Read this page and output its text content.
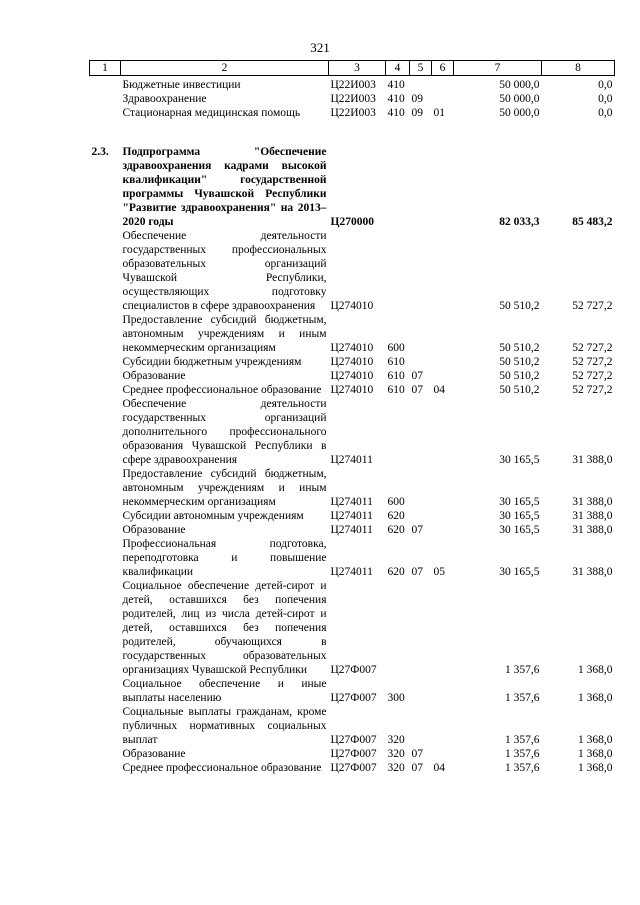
321
1	2	3	4	5	6	7	8
	Бюджетные инвестиции	Ц22И003	410			50 000,0	0,0
	Здравоохранение	Ц22И003	410	09		50 000,0	0,0
	Стационарная медицинская помощь	Ц22И003	410	09	01	50 000,0	0,0
2.3.	Подпрограмма "Обеспечение здравоохранения кадрами высокой квалификации" государственной программы Чувашской Республики "Развитие здравоохранения" на 2013–2020 годы	Ц270000				82 033,3	85 483,2
	Обеспечение деятельности государственных профессиональных образовательных организаций Чувашской Республики, осуществляющих подготовку специалистов в сфере здравоохранения	Ц274010				50 510,2	52 727,2
	Предоставление субсидий бюджетным, автономным учреждениям и иным некоммерческим организациям	Ц274010	600			50 510,2	52 727,2
	Субсидии бюджетным учреждениям	Ц274010	610			50 510,2	52 727,2
	Образование	Ц274010	610	07		50 510,2	52 727,2
	Среднее профессиональное образование	Ц274010	610	07	04	50 510,2	52 727,2
	Обеспечение деятельности государственных организаций дополнительного профессионального образования Чувашской Республики в сфере здравоохранения	Ц274011				30 165,5	31 388,0
	Предоставление субсидий бюджетным, автономным учреждениям и иным некоммерческим организациям	Ц274011	600			30 165,5	31 388,0
	Субсидии автономным учреждениям	Ц274011	620			30 165,5	31 388,0
	Образование	Ц274011	620	07		30 165,5	31 388,0
	Профессиональная подготовка, переподготовка и повышение квалификации	Ц274011	620	07	05	30 165,5	31 388,0
	Социальное обеспечение детей-сирот и детей, оставшихся без попечения родителей, лиц из числа детей-сирот и детей, оставшихся без попечения родителей, обучающихся в государственных образовательных организациях Чувашской Республики	Ц27Ф007				1 357,6	1 368,0
	Социальное обеспечение и иные выплаты населению	Ц27Ф007	300			1 357,6	1 368,0
	Социальные выплаты гражданам, кроме публичных нормативных социальных выплат	Ц27Ф007	320			1 357,6	1 368,0
	Образование	Ц27Ф007	320	07		1 357,6	1 368,0
	Среднее профессиональное образование	Ц27Ф007	320	07	04	1 357,6	1 368,0
